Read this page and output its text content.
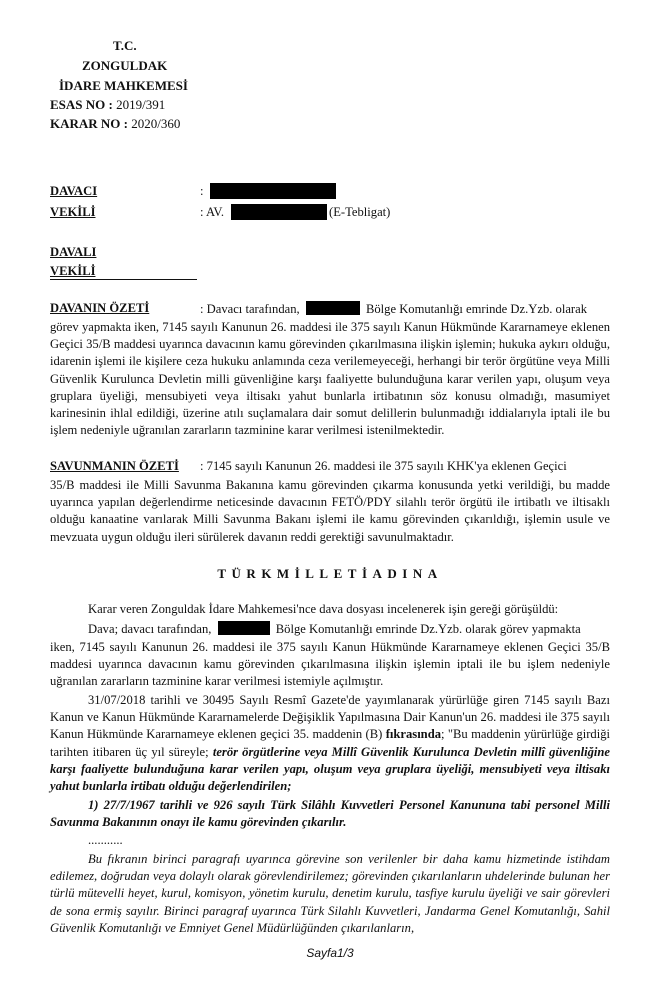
T.C.
ZONGULDAK
İDARE MAHKEMESİ
ESAS NO : 2019/391
KARAR NO : 2020/360
DAVACI	:
VEKİLİ	: AV.	(E-Tebligat)
DAVALI
VEKİLİ
DAVANIN ÖZETİ	: Davacı tarafından,	Bölge Komutanlığı emrinde Dz.Yzb. olarak
görev yapmakta iken, 7145 sayılı Kanunun 26. maddesi ile 375 sayılı Kanun Hükmünde Kararnameye eklenen Geçici 35/B maddesi uyarınca davacının kamu görevinden çıkarılmasına ilişkin işlemin; hukuka aykırı olduğu, idarenin işlemi ile kişilere ceza hukuku anlamında ceza verilemeyeceği, herhangi bir terör örgütüne veya Milli Güvenlik Kurulunca Devletin milli güvenliğine karşı faaliyette bulunduğuna karar verilen yapı, oluşum veya gruplara üyeliği, mensubiyeti veya iltisakı yahut bunlarla irtibatının söz konusu olmadığı, masumiyet karinesinin ihlal edildiği, üzerine atılı suçlamalara dair somut delillerin bulunmadığı iddialarıyla iptali ile bu işlem nedeniyle uğranılan zararların tazminine karar verilmesi istenilmektedir.
SAVUNMANIN ÖZETİ : 7145 sayılı Kanunun 26. maddesi ile 375 sayılı KHK'ya eklenen Geçici
35/B maddesi ile Milli Savunma Bakanına kamu görevinden çıkarma konusunda yetki verildiği, bu madde uyarınca yapılan değerlendirme neticesinde davacının FETÖ/PDY silahlı terör örgütü ile irtibatlı ve iltisaklı olduğu kanaatine varılarak Milli Savunma Bakanı işlemi ile kamu görevinden çıkarıldığı, işlemin usule ve mevzuata uygun olduğu ileri sürülerek davanın reddi gerektiği savunulmaktadır.
TÜRKMİLLETİADINA
Karar veren Zonguldak İdare Mahkemesi'nce dava dosyası incelenerek işin gereği görüşüldü:
Dava; davacı tarafından,	Bölge Komutanlığı emrinde Dz.Yzb. olarak görev yapmakta
iken, 7145 sayılı Kanunun 26. maddesi ile 375 sayılı Kanun Hükmünde Kararnameye eklenen Geçici 35/B maddesi uyarınca davacının kamu görevinden çıkarılmasına ilişkin işlemin iptali ile bu işlem nedeniyle uğranılan zararların tazminine karar verilmesi istemiyle açılmıştır.
31/07/2018 tarihli ve 30495 Sayılı Resmî Gazete'de yayımlanarak yürürlüğe giren 7145 sayılı Bazı Kanun ve Kanun Hükmünde Kararnamelerde Değişiklik Yapılmasına Dair Kanun'un 26. maddesi ile 375 sayılı Kanun Hükmünde Kararnameye eklenen geçici 35. maddenin (B) fıkrasında; "Bu maddenin yürürlüğe girdiği tarihten itibaren üç yıl süreyle; terör örgütlerine veya Millî Güvenlik Kurulunca Devletin millî güvenliğine karşı faaliyette bulunduğuna karar verilen yapı, oluşum veya gruplara üyeliği, mensubiyeti veya iltisakı yahut bunlarla irtibatı olduğu değerlendirilen;
1) 27/7/1967 tarihli ve 926 sayılı Türk Silâhlı Kuvvetleri Personel Kanununa tabi personel Milli Savunma Bakanının onayı ile kamu görevinden çıkarılır.
...........
Bu fıkranın birinci paragrafı uyarınca görevine son verilenler bir daha kamu hizmetinde istihdam edilemez, doğrudan veya dolaylı olarak görevlendirilemez; görevinden çıkarılanların uhdelerinde bulunan her türlü mütevelli heyet, kurul, komisyon, yönetim kurulu, denetim kurulu, tasfiye kurulu üyeliği ve sair görevleri de sona ermiş sayılır. Birinci paragraf uyarınca Türk Silahlı Kuvvetleri, Jandarma Genel Komutanlığı, Sahil Güvenlik Komutanlığı ve Emniyet Genel Müdürlüğünden çıkarılanların,
Sayfa1/3
